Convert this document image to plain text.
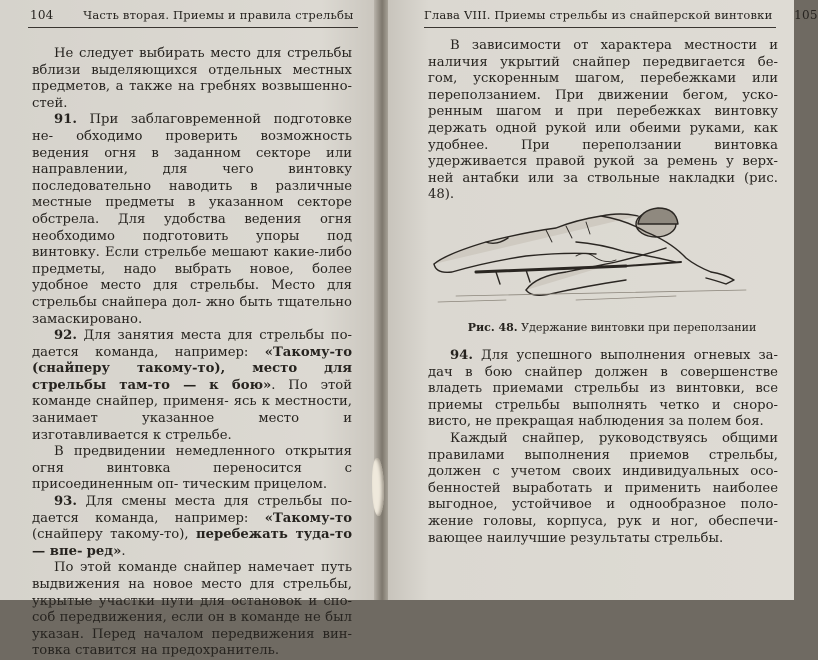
104	Часть вторая. Приемы и правила стрельбы

Не следует выбирать место для стрельбы вблизи выделяющихся отдельных местных предметов, а также на гребнях возвышенно- стей.

91. При заблаговременной подготовке не- обходимо проверить возможность ведения огня в заданном секторе или направлении,	для чего винтовку последовательно наводить в различные местные предметы в указанном секторе обстрела. Для удобства ведения огня необходимо подготовить упоры под винтовку. Если стрельбе мешают какие-либо предметы, надо выбрать новое, более удобное место для стрельбы. Место для стрельбы снайпера дол- жно быть тщательно замаскировано.

92. Для занятия места для стрельбы по- дается команда, например: «Такому-то (снайперу такому-то), место для стрельбы там-то — к бою». По этой команде снайпер, применя- ясь к местности, занимает указанное место	и изготавливается к стрельбе.

В предвидении немедленного открытия огня	винтовка переносится с присоединенным оп- тическим прицелом.

93. Для смены места для стрельбы по- дается команда, например: «Такому-то (снайперу такому-то), перебежать туда-то — впе- ред».

По этой команде снайпер намечает путь выдвижения на новое место для стрельбы, укрытые участки пути для остановок и спо- соб передвижения, если он в команде не был указан. Перед началом передвижения вин- товка ставится на предохранитель.

Глава VIII. Приемы стрельбы из снайперской винтовки 105

В зависимости от характера местности и наличия укрытий снайпер передвигается бе- гом, ускоренным шагом, перебежками или переползанием. При движении бегом, уско- ренным шагом и при перебежках винтовку держать одной рукой или обеими руками, как удобнее. При переползании винтовка удерживается правой рукой за ремень у верх- ней антабки или за ствольные накладки (рис. 48).

Рис. 48. Удержание винтовки при переползании

94. Для успешного выполнения огневых за- дач в бою снайпер должен в совершенстве владеть приемами стрельбы из винтовки, все приемы стрельбы выполнять четко и сноро- висто, не прекращая наблюдения за полем боя.

Каждый снайпер, руководствуясь общими правилами выполнения приемов стрельбы, должен с учетом своих индивидуальных осо- бенностей выработать и применить наиболее выгодное, устойчивое и однообразное поло- жение головы, корпуса, рук и ног, обеспечи- вающее наилучшие результаты стрельбы.
